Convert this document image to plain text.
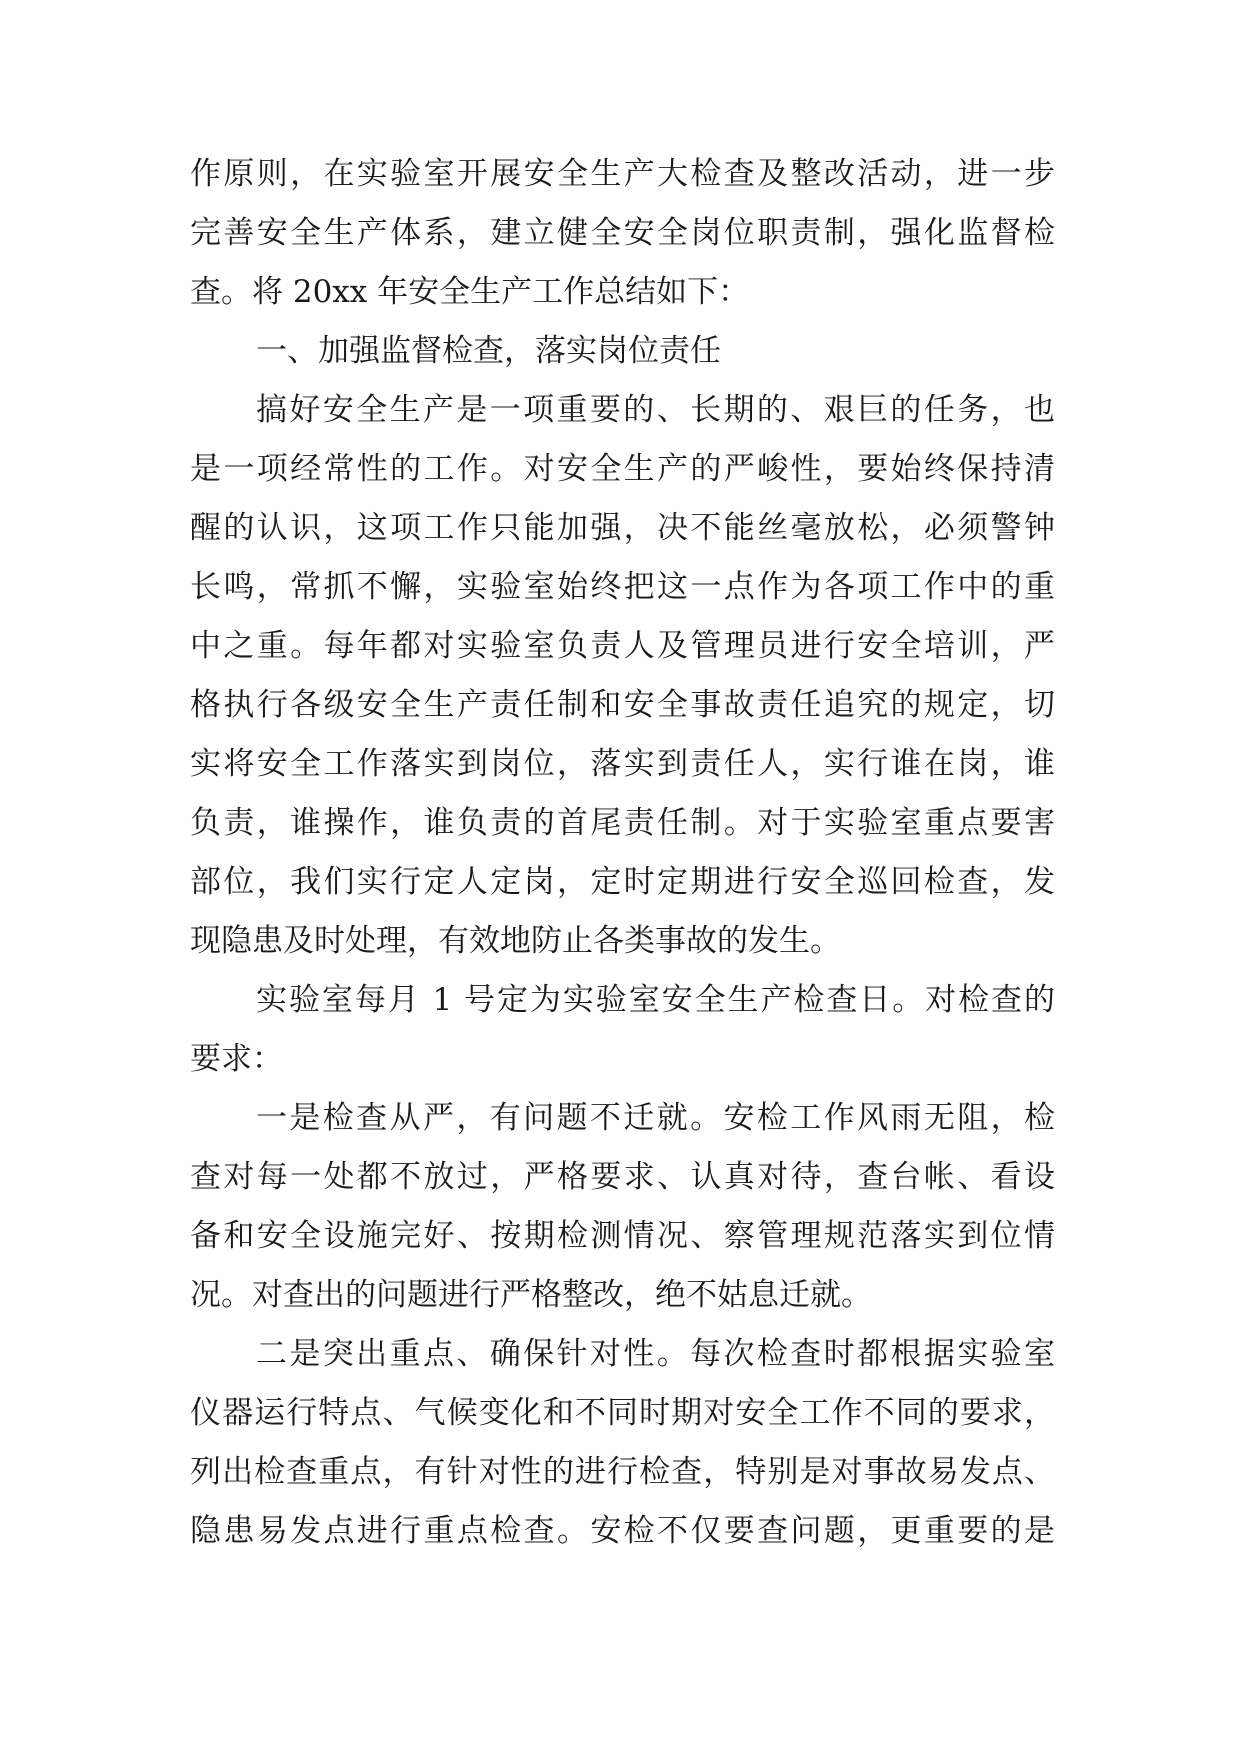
作原则，在实验室开展安全生产大检查及整改活动，进一步
完善安全生产体系，建立健全安全岗位职责制，强化监督检
查。将 20xx 年安全生产工作总结如下：
一、加强监督检查，落实岗位责任
搞好安全生产是一项重要的、长期的、艰巨的任务，也
是一项经常性的工作。对安全生产的严峻性，要始终保持清
醒的认识，这项工作只能加强，决不能丝毫放松，必须警钟
长鸣，常抓不懈，实验室始终把这一点作为各项工作中的重
中之重。每年都对实验室负责人及管理员进行安全培训，严
格执行各级安全生产责任制和安全事故责任追究的规定，切
实将安全工作落实到岗位，落实到责任人，实行谁在岗，谁
负责，谁操作，谁负责的首尾责任制。对于实验室重点要害
部位，我们实行定人定岗，定时定期进行安全巡回检查，发
现隐患及时处理，有效地防止各类事故的发生。
实验室每月 1 号定为实验室安全生产检查日。对检查的
要求：
一是检查从严，有问题不迁就。安检工作风雨无阻，检
查对每一处都不放过，严格要求、认真对待，查台帐、看设
备和安全设施完好、按期检测情况、察管理规范落实到位情
况。对查出的问题进行严格整改，绝不姑息迁就。
二是突出重点、确保针对性。每次检查时都根据实验室
仪器运行特点、气候变化和不同时期对安全工作不同的要求，
列出检查重点，有针对性的进行检查，特别是对事故易发点、
隐患易发点进行重点检查。安检不仅要查问题，更重要的是
